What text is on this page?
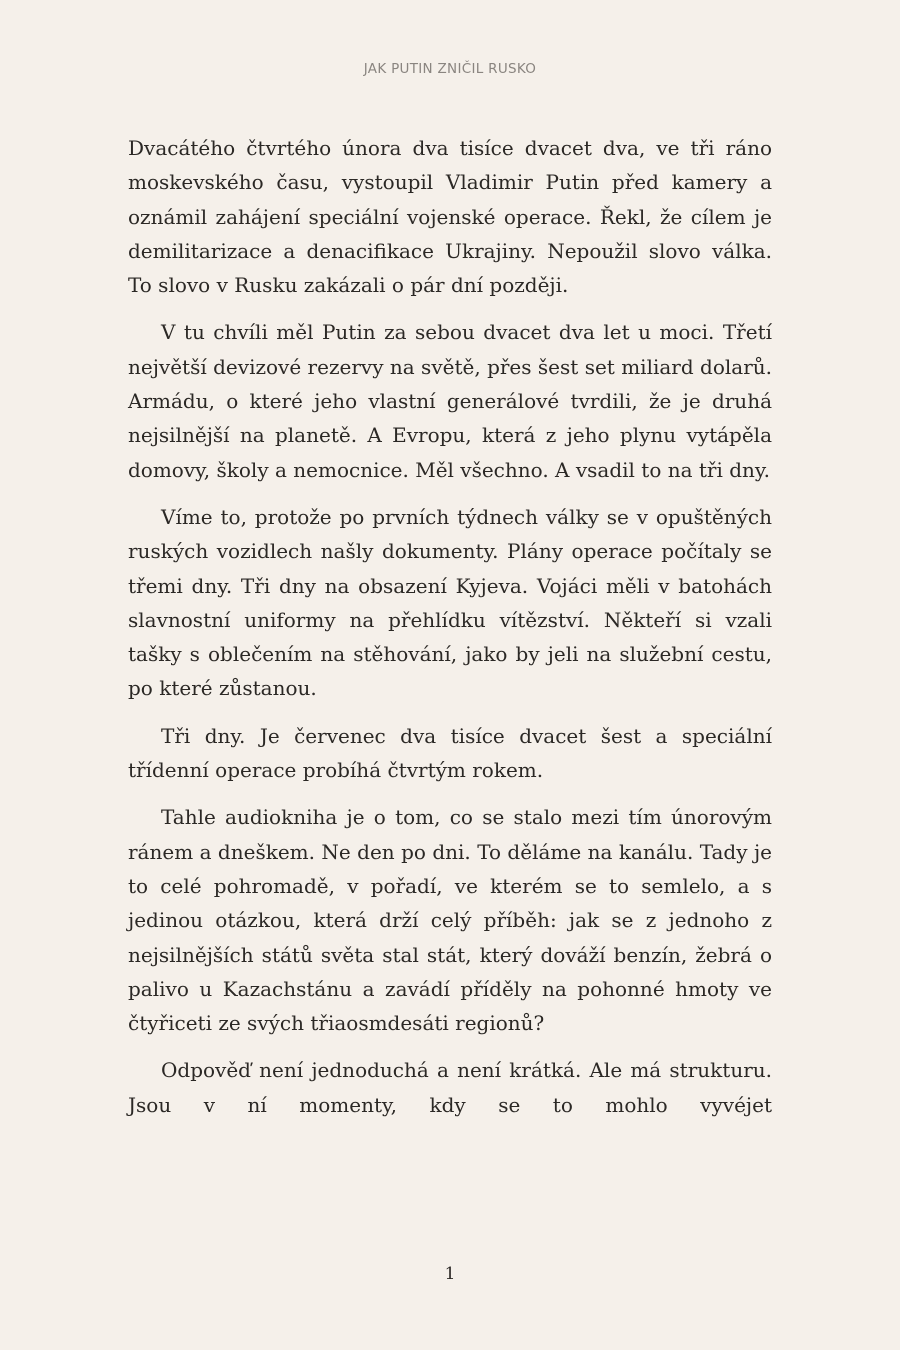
JAK PUTIN ZNIČIL RUSKO

Dvacátého čtvrtého února dva tisíce dvacet dva, ve tři ráno moskevského času, vystoupil Vladimir Putin před kamery a oznámil zahájení speciální vojenské operace. Řekl, že cílem je demilitarizace a denacifikace Ukrajiny. Nepoužil slovo válka. To slovo v Rusku zakázali o pár dní později.

V tu chvíli měl Putin za sebou dvacet dva let u moci. Třetí největší devizové rezervy na světě, přes šest set miliard dolarů. Armádu, o které jeho vlastní generálové tvrdili, že je druhá nejsilnější na planetě. A Evropu, která z jeho plynu vytápěla domovy, školy a nemocnice. Měl všechno. A vsadil to na tři dny.

Víme to, protože po prvních týdnech války se v opuštěných ruských vozidlech našly dokumenty. Plány operace počítaly se třemi dny. Tři dny na obsazení Kyjeva. Vojáci měli v batohách slavnostní uniformy na přehlídku vítězství. Někteří si vzali tašky s oblečením na stěhování, jako by jeli na služební cestu, po které zůstanou.

Tři dny. Je červenec dva tisíce dvacet šest a speciální třídenní operace probíhá čtvrtým rokem.

Tahle audiokniha je o tom, co se stalo mezi tím únorovým ránem a dneškem. Ne den po dni. To děláme na kanálu. Tady je to celé pohromadě, v pořadí, ve kterém se to semlelo, a s jedinou otázkou, která drží celý příběh: jak se z jednoho z nejsilnějších států světa stal stát, který dováží benzín, žebrá o palivo u Kazachstánu a zavádí příděly na pohonné hmoty ve čtyřiceti ze svých třiaosmdesáti regionů?

Odpověď není jednoduchá a není krátká. Ale má strukturu. Jsou v ní momenty, kdy se to mohlo vyvéjet

1
